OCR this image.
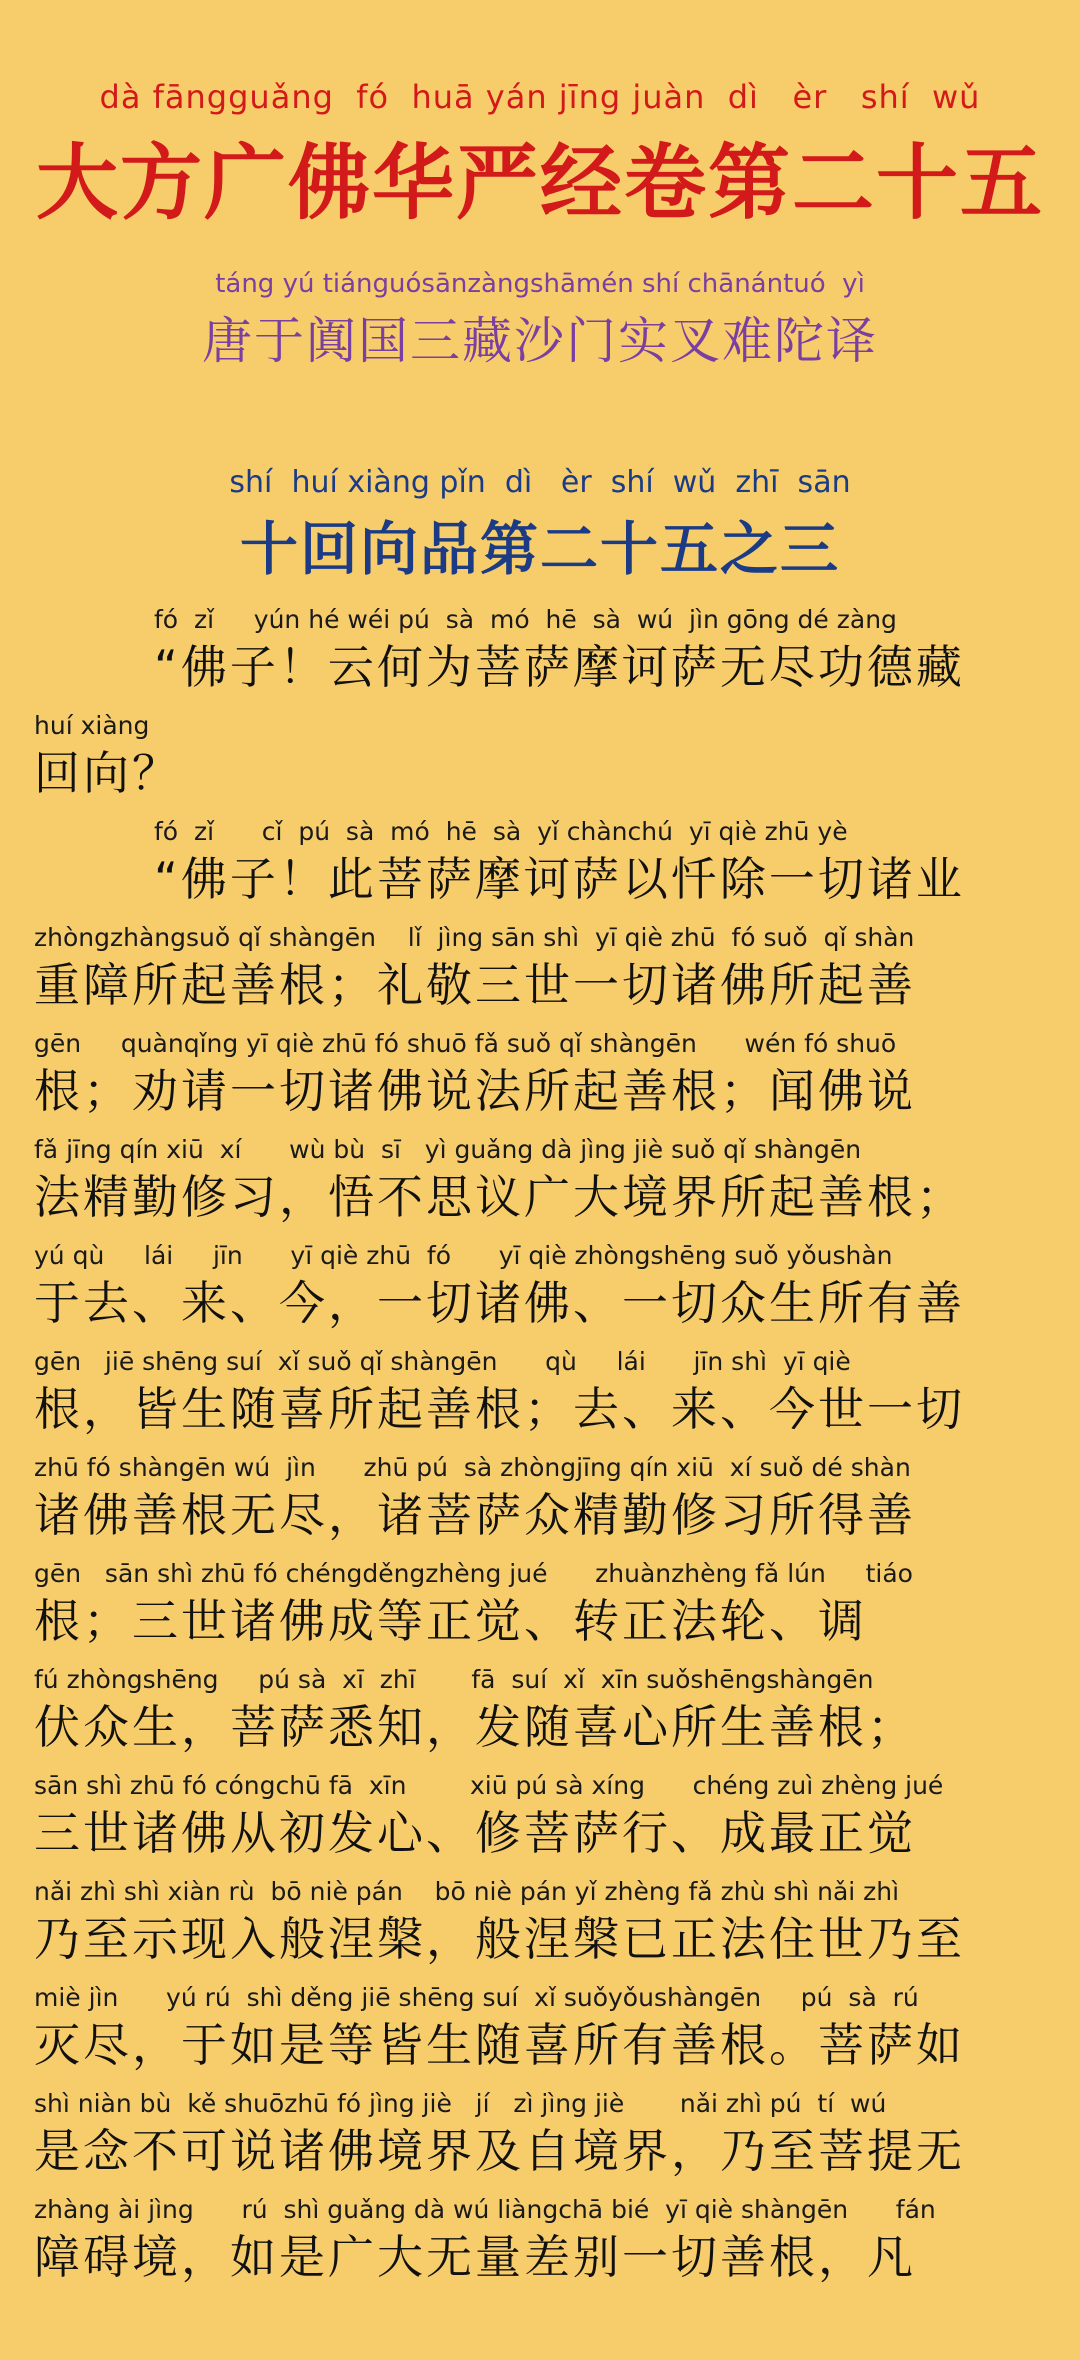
dà fāngguǎng  fó  huā yán jīng juàn  dì   èr   shí  wǔ
大方广佛华严经卷第二十五
táng yú tiánguósānzàngshāmén shí chānántuó  yì
唐于阗国三藏沙门实叉难陀译
shí  huí xiàng pǐn  dì   èr  shí  wǔ  zhī  sān
十回向品第二十五之三
fó  zǐ     yún hé wéi pú  sà  mó  hē  sà  wú  jìn gōng dé zàng
“佛子！云何为菩萨摩诃萨无尽功德藏
huí xiàng
回向？
fó  zǐ      cǐ  pú  sà  mó  hē  sà  yǐ chànchú  yī qiè zhū yè
“佛子！此菩萨摩诃萨以忏除一切诸业
zhòngzhàngsuǒ qǐ shàngēn    lǐ  jìng sān shì  yī qiè zhū  fó suǒ  qǐ shàn
重障所起善根；礼敬三世一切诸佛所起善
gēn     quànqǐng yī qiè zhū fó shuō fǎ suǒ qǐ shàngēn      wén fó shuō
根；劝请一切诸佛说法所起善根；闻佛说
fǎ jīng qín xiū  xí      wù bù  sī   yì guǎng dà jìng jiè suǒ qǐ shàngēn
法精勤修习，悟不思议广大境界所起善根；
yú qù     lái     jīn      yī qiè zhū  fó      yī qiè zhòngshēng suǒ yǒushàn
于去、来、今，一切诸佛、一切众生所有善
gēn   jiē shēng suí  xǐ suǒ qǐ shàngēn      qù     lái      jīn shì  yī qiè
根，皆生随喜所起善根；去、来、今世一切
zhū fó shàngēn wú  jìn      zhū pú  sà zhòngjīng qín xiū  xí suǒ dé shàn
诸佛善根无尽，诸菩萨众精勤修习所得善
gēn   sān shì zhū fó chéngděngzhèng jué      zhuànzhèng fǎ lún     tiáo
根；三世诸佛成等正觉、转正法轮、调
fú zhòngshēng     pú sà  xī  zhī       fā  suí  xǐ  xīn suǒshēngshàngēn
伏众生，菩萨悉知，发随喜心所生善根；
sān shì zhū fó cóngchū fā  xīn        xiū pú sà xíng      chéng zuì zhèng jué
三世诸佛从初发心、修菩萨行、成最正觉
nǎi zhì shì xiàn rù  bō niè pán    bō niè pán yǐ zhèng fǎ zhù shì nǎi zhì
乃至示现入般涅槃，般涅槃已正法住世乃至
miè jìn      yú rú  shì děng jiē shēng suí  xǐ suǒyǒushàngēn     pú  sà  rú
灭尽，于如是等皆生随喜所有善根。菩萨如
shì niàn bù  kě shuōzhū fó jìng jiè   jí   zì jìng jiè       nǎi zhì pú  tí  wú
是念不可说诸佛境界及自境界，乃至菩提无
zhàng ài jìng      rú  shì guǎng dà wú liàngchā bié  yī qiè shàngēn      fán
障碍境，如是广大无量差别一切善根，凡
